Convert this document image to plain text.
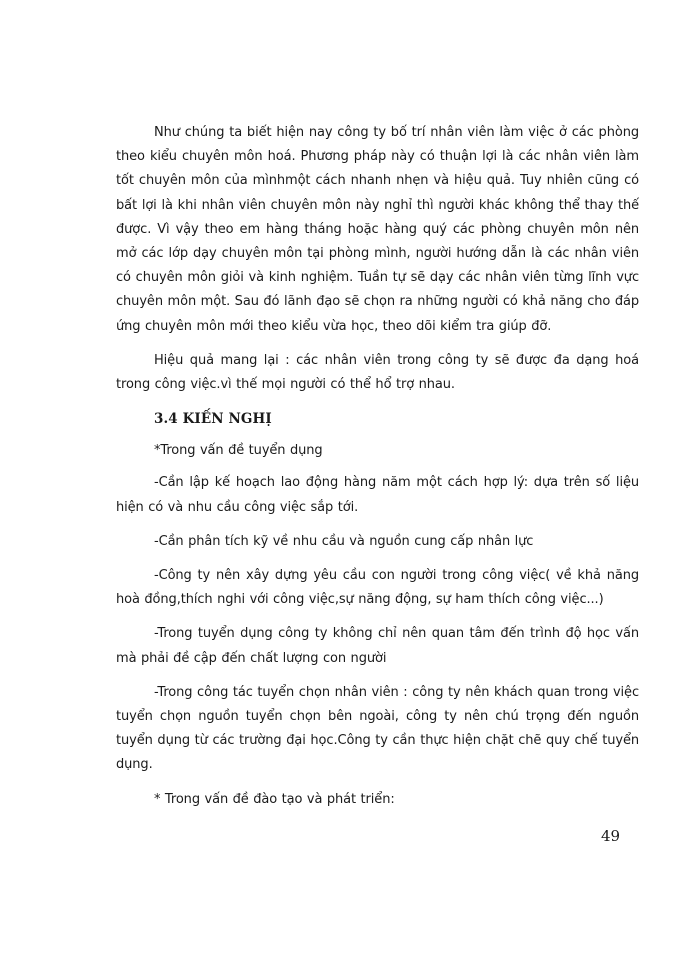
Như chúng ta biết hiện nay công ty bố trí nhân viên làm việc ở các phòng theo kiểu chuyên môn hoá. Phương pháp này có thuận lợi là các nhân viên làm tốt chuyên môn của mìnhmột cách nhanh nhẹn và hiệu quả. Tuy nhiên cũng có bất lợi là khi nhân viên chuyên môn này nghỉ thì người khác không thể thay thế được. Vì vậy theo em hàng tháng hoặc hàng quý các phòng chuyên môn nên mở các lớp dạy chuyên môn tại phòng mình, người hướng dẫn là các nhân viên có chuyên môn giỏi và kinh nghiệm. Tuần tự sẽ dạy các nhân viên từng lĩnh vực chuyên môn một. Sau đó lãnh đạo sẽ chọn ra những người có khả năng cho đáp ứng chuyên môn mới theo kiểu vừa học, theo dõi kiểm tra giúp đỡ.

Hiệu quả mang lại : các nhân viên trong công ty sẽ được đa dạng hoá trong công việc.vì thế mọi người có thể hổ trợ nhau.

3.4 KIẾN NGHỊ

*Trong vấn đề tuyển dụng

-Cần lập kế hoạch lao động hàng năm một cách hợp lý: dựa trên số liệu hiện có và nhu cầu công việc sắp tới.

-Cần phân tích kỹ về nhu cầu và nguồn cung cấp nhân lực

-Công ty nên xây dựng yêu cầu con người trong công việc( về khả năng hoà đồng,thích nghi với công việc,sự năng động, sự ham thích công việc...)

-Trong tuyển dụng công ty không chỉ nên quan tâm đến trình độ học vấn mà phải đề cập đến chất lượng con người

-Trong công tác tuyển chọn nhân viên : công ty nên khách quan trong việc tuyển chọn nguồn tuyển chọn bên ngoài, công ty nên chú trọng đến nguồn tuyển dụng từ các trường đại học.Công ty cần thực hiện chặt chẽ quy chế tuyển dụng.

* Trong vấn đề đào tạo và phát triển:

49
